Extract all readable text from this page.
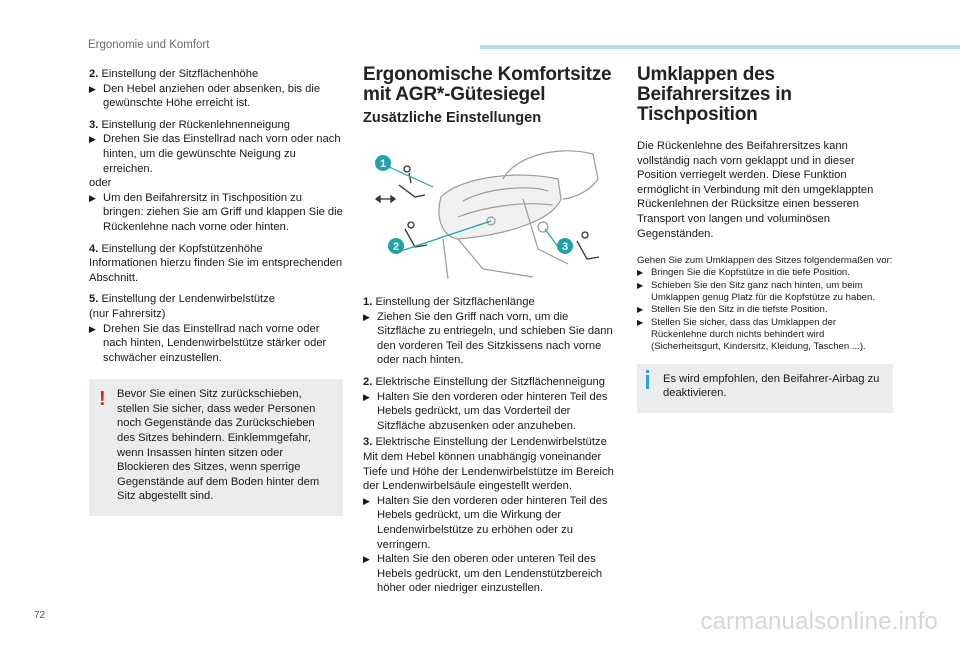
Ergonomie und Komfort
2. Einstellung der Sitzflächenhöhe
▶ Den Hebel anziehen oder absenken, bis die gewünschte Höhe erreicht ist.
3. Einstellung der Rückenlehnenneigung
▶ Drehen Sie das Einstellrad nach vorn oder nach hinten, um die gewünschte Neigung zu erreichen.
oder
▶ Um den Beifahrersitz in Tischposition zu bringen: ziehen Sie am Griff und klappen Sie die Rückenlehne nach vorne oder hinten.
4. Einstellung der Kopfstützenhöhe
Informationen hierzu finden Sie im entsprechenden Abschnitt.
5. Einstellung der Lendenwirbelstütze
(nur Fahrersitz)
▶ Drehen Sie das Einstellrad nach vorne oder nach hinten, Lendenwirbelstütze stärker oder schwächer einzustellen.
! Bevor Sie einen Sitz zurückschieben, stellen Sie sicher, dass weder Personen noch Gegenstände das Zurückschieben des Sitzes behindern. Einklemmgefahr, wenn Insassen hinten sitzen oder Blockieren des Sitzes, wenn sperrige Gegenstände auf dem Boden hinter dem Sitz abgestellt sind.
Ergonomische Komfortsitze mit AGR*-Gütesiegel
Zusätzliche Einstellungen
1
2	3
1. Einstellung der Sitzflächenlänge
▶ Ziehen Sie den Griff nach vorn, um die Sitzfläche zu entriegeln, und schieben Sie dann den vorderen Teil des Sitzkissens nach vorne oder nach hinten.
2. Elektrische Einstellung der Sitzflächenneigung
▶ Halten Sie den vorderen oder hinteren Teil des Hebels gedrückt, um das Vorderteil der Sitzfläche abzusenken oder anzuheben.
3. Elektrische Einstellung der Lendenwirbelstütze
Mit dem Hebel können unabhängig voneinander Tiefe und Höhe der Lendenwirbelstütze im Bereich der Lendenwirbelsäule eingestellt werden.
▶ Halten Sie den vorderen oder hinteren Teil des Hebels gedrückt, um die Wirkung der Lendenwirbelstütze zu erhöhen oder zu verringern.
▶ Halten Sie den oberen oder unteren Teil des Hebels gedrückt, um den Lendenstützbereich höher oder niedriger einzustellen.
Umklappen des Beifahrersitzes in Tischposition
Die Rückenlehne des Beifahrersitzes kann vollständig nach vorn geklappt und in dieser Position verriegelt werden. Diese Funktion ermöglicht in Verbindung mit den umgeklappten Rückenlehnen der Rücksitze einen besseren Transport von langen und voluminösen Gegenständen.
Gehen Sie zum Umklappen des Sitzes folgendermaßen vor:
▶ Bringen Sie die Kopfstütze in die tiefe Position.
▶ Schieben Sie den Sitz ganz nach hinten, um beim Umklappen genug Platz für die Kopfstütze zu haben.
▶ Stellen Sie den Sitz in die tiefste Position.
▶ Stellen Sie sicher, dass das Umklappen der Rückenlehne durch nichts behindert wird (Sicherheitsgurt, Kindersitz, Kleidung, Taschen ...).
Es wird empfohlen, den Beifahrer-Airbag zu deaktivieren.
72	carmanualsonline.info
